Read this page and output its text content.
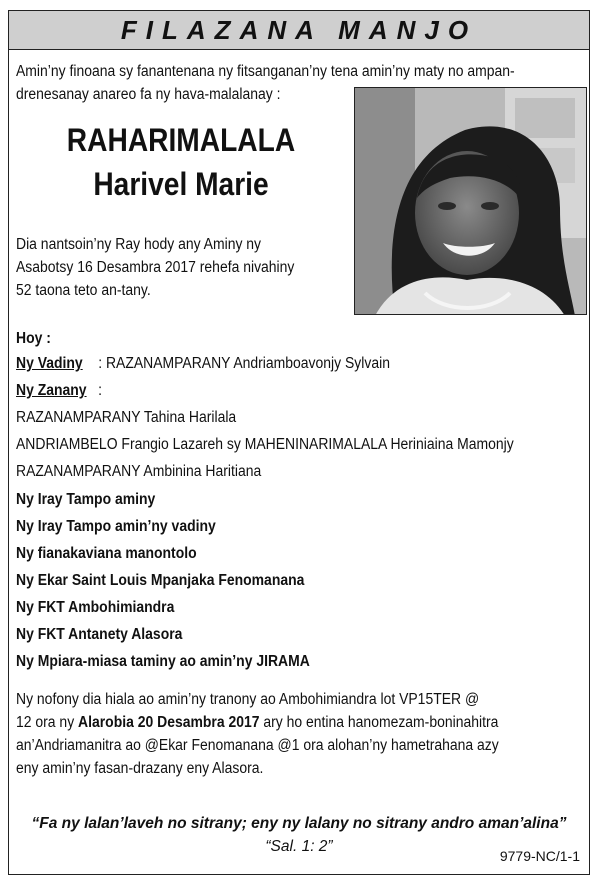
FILAZANA MANJO
Amin’ny finoana sy fanantenana ny fitsanganan’ny tena amin’ny maty no ampan-
drenesanay anareo fa ny hava-malalanay :
RAHARIMALALA
Harivel Marie
Dia nantsoin’ny Ray hody any Aminy ny
Asabotsy 16 Desambra 2017 rehefa nivahiny
52 taona teto an-tany.
Hoy :
Ny Vadiny : RAZANAMPARANY Andriamboavonjy Sylvain
Ny Zanany :
RAZANAMPARANY Tahina Harilala
ANDRIAMBELO Frangio Lazareh sy MAHENINARIMALALA Heriniaina Mamonjy
RAZANAMPARANY Ambinina Haritiana
Ny Iray Tampo aminy
Ny Iray Tampo amin’ny vadiny
Ny fianakaviana manontolo
Ny Ekar Saint Louis Mpanjaka Fenomanana
Ny FKT Ambohimiandra
Ny FKT Antanety Alasora
Ny Mpiara-miasa taminy ao amin’ny JIRAMA
Ny nofony dia hiala ao amin’ny tranony ao Ambohimiandra lot VP15TER @
12 ora ny Alarobia 20 Desambra 2017 ary ho entina hanomezam-boninahitra
an’Andriamanitra ao @Ekar Fenomanana @1 ora alohan’ny hametrahana azy
eny amin’ny fasan-drazany eny Alasora.
“Fa ny lalan’laveh no sitrany; eny ny lalany no sitrany andro aman’alina”
“Sal. 1: 2”
9779-NC/1-1
